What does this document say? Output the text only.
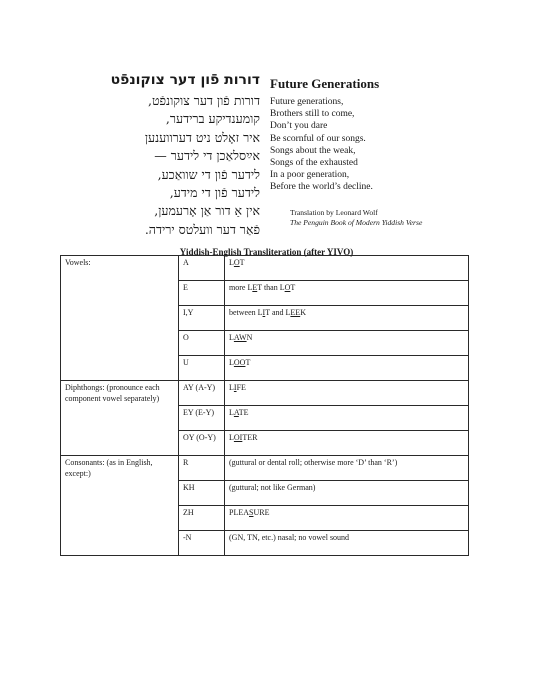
דורות פֿון דער צוקונפֿט
דורות פֿון דער צוקונפֿט,
קומענדיקע ברידער,
איר זאָלט ניט דערווענען
אײַסלאַכן די לידער —
לידער פֿון די שוואַכע,
לידער פֿון די מידע,
אין אַ דור אַן אָרעמען,
פֿאַר דער וועלטס ירידה.
Future Generations
Future generations,
Brothers still to come,
Don’t you dare
Be scornful of our songs.
Songs about the weak,
Songs of the exhausted
In a poor generation,
Before the world’s decline.
Translation by Leonard Wolf
The Penguin Book of Modern Yiddish Verse
Yiddish-English Transliteration (after YIVO)
Vowels:	A	LOT
	E	more LET than LOT
	I,Y	between LIT and LEEK
	O	LAWN
	U	LOOT
Diphthongs: (pronounce each component vowel separately)	AY (A-Y)	LIFE
	EY (E-Y)	LATE
	OY (O-Y)	LOITER
Consonants: (as in English, except:)	R	(guttural or dental roll; otherwise more ‘D’ than ‘R’)
	KH	(guttural; not like German)
	ZH	PLEASURE
	-N	(GN, TN, etc.) nasal; no vowel sound
